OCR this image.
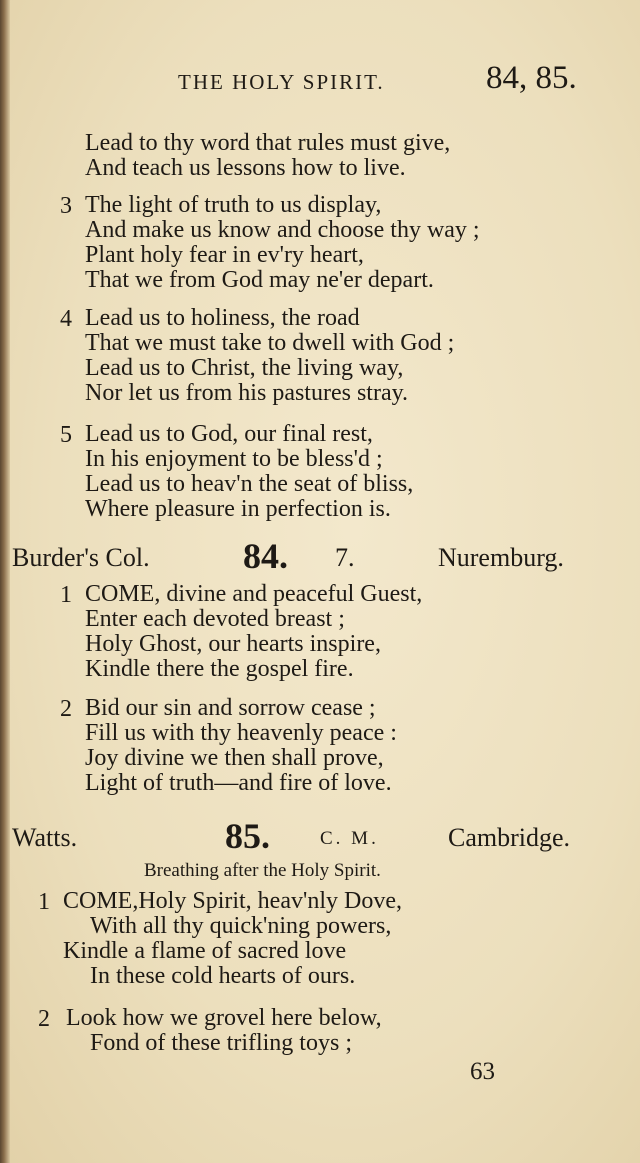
THE HOLY SPIRIT.	84, 85.
Lead to thy word that rules must give,
And teach us lessons how to live.
3 The light of truth to us display,
And make us know and choose thy way ;
Plant holy fear in ev'ry heart,
That we from God may ne'er depart.
4 Lead us to holiness, the road
That we must take to dwell with God ;
Lead us to Christ, the living way,
Nor let us from his pastures stray.
5 Lead us to God, our final rest,
In his enjoyment to be bless'd ;
Lead us to heav'n the seat of bliss,
Where pleasure in perfection is.
Burder's Col.	84. 7.	Nuremburg.
1 COME, divine and peaceful Guest,
Enter each devoted breast ;
Holy Ghost, our hearts inspire,
Kindle there the gospel fire.
2 Bid our sin and sorrow cease ;
Fill us with thy heavenly peace :
Joy divine we then shall prove,
Light of truth—and fire of love.
Watts.	85.	C. M.	Cambridge.
Breathing after the Holy Spirit.
1 COME,Holy Spirit, heav'nly Dove,
With all thy quick'ning powers,
Kindle a flame of sacred love
In these cold hearts of ours.
2 Look how we grovel here below,
Fond of these trifling toys ;
63
